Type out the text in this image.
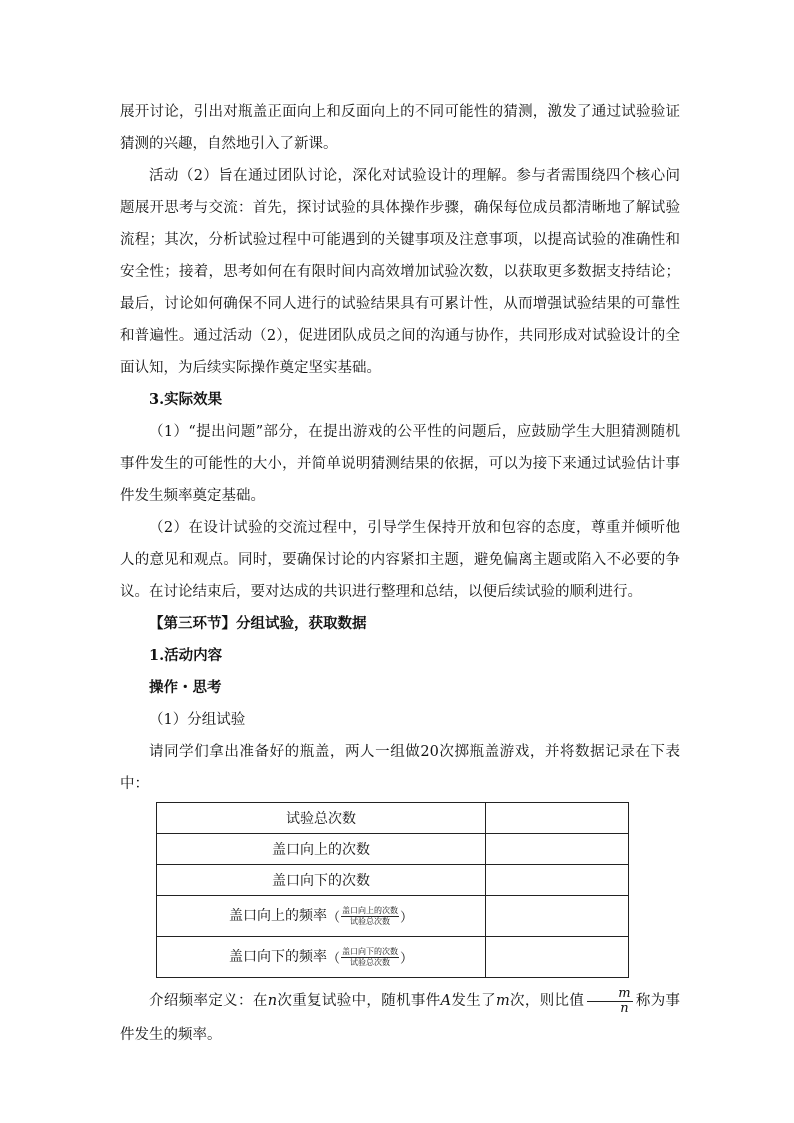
展开讨论，引出对瓶盖正面向上和反面向上的不同可能性的猜测，激发了通过试验验证猜测的兴趣，自然地引入了新课。

活动（2）旨在通过团队讨论，深化对试验设计的理解。参与者需围绕四个核心问题展开思考与交流：首先，探讨试验的具体操作步骤，确保每位成员都清晰地了解试验流程；其次，分析试验过程中可能遇到的关键事项及注意事项，以提高试验的准确性和安全性；接着，思考如何在有限时间内高效增加试验次数，以获取更多数据支持结论；最后，讨论如何确保不同人进行的试验结果具有可累计性，从而增强试验结果的可靠性和普遍性。通过活动（2），促进团队成员之间的沟通与协作，共同形成对试验设计的全面认知，为后续实际操作奠定坚实基础。

3.实际效果

（1）“提出问题”部分，在提出游戏的公平性的问题后，应鼓励学生大胆猜测随机事件发生的可能性的大小，并简单说明猜测结果的依据，可以为接下来通过试验估计事件发生频率奠定基础。

（2）在设计试验的交流过程中，引导学生保持开放和包容的态度，尊重并倾听他人的意见和观点。同时，要确保讨论的内容紧扣主题，避免偏离主题或陷入不必要的争议。在讨论结束后，要对达成的共识进行整理和总结，以便后续试验的顺利进行。

【第三环节】分组试验，获取数据

1.活动内容

操作・思考

（1）分组试验

请同学们拿出准备好的瓶盖，两人一组做20次掷瓶盖游戏，并将数据记录在下表中：

试验总次数	
盖口向上的次数	
盖口向下的次数	
盖口向上的频率（ $\frac{\text{盖口向上的次数}}{\text{试验总次数}}$ ）	
盖口向下的频率（ $\frac{\text{盖口向下的次数}}{\text{试验总次数}}$ ）	

介绍频率定义：在n次重复试验中，随机事件A发生了m次，则比值 $\frac{m}{n}$ 称为事件发生的频率。
